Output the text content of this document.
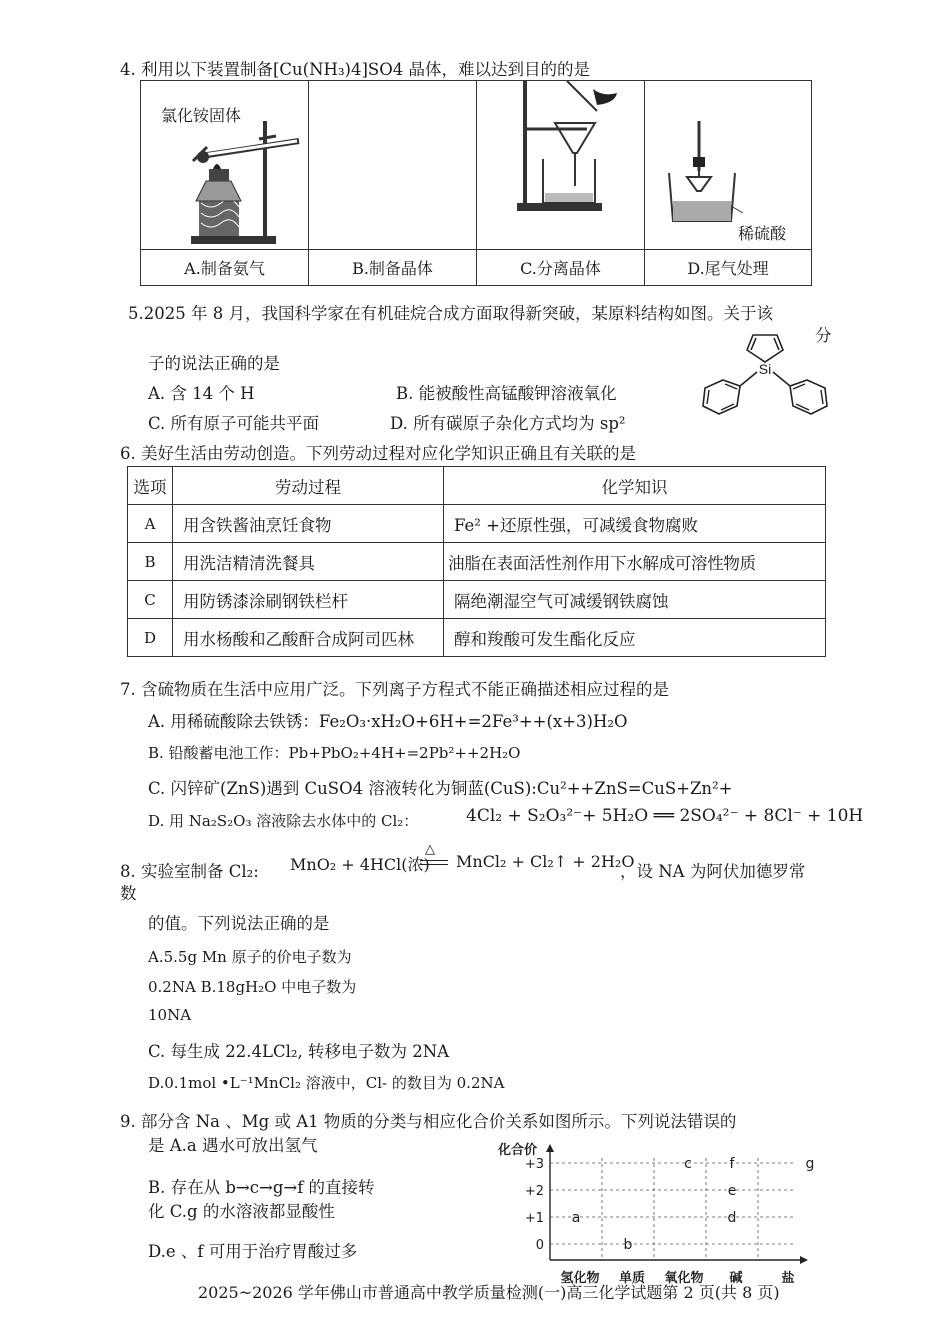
4. 利用以下装置制备[Cu(NH₃)4]SO4 晶体，难以达到目的的是
氯化铵固体
稀硫酸
A.制备氨气	B.制备晶体	C.分离晶体	D.尾气处理
5.2025 年 8 月，我国科学家在有机硅烷合成方面取得新突破，某原料结构如图。关于该
分
子的说法正确的是
A. 含 14 个 H	B. 能被酸性高锰酸钾溶液氧化
C. 所有原子可能共平面	D. 所有碳原子杂化方式均为 sp²
Si
6. 美好生活由劳动创造。下列劳动过程对应化学知识正确且有关联的是
选项	劳动过程	化学知识
A	用含铁酱油烹饪食物	Fe² +还原性强，可减缓食物腐败
B	用洗洁精清洗餐具	油脂在表面活性剂作用下水解成可溶性物质
C	用防锈漆涂刷钢铁栏杆	隔绝潮湿空气可减缓钢铁腐蚀
D	用水杨酸和乙酸酐合成阿司匹林	醇和羧酸可发生酯化反应
7. 含硫物质在生活中应用广泛。下列离子方程式不能正确描述相应过程的是
A. 用稀硫酸除去铁锈：Fe₂O₃·xH₂O+6H+=2Fe³++(x+3)H₂O
B. 铅酸蓄电池工作：Pb+PbO₂+4H+=2Pb²++2H₂O
C. 闪锌矿(ZnS)遇到 CuSO4 溶液转化为铜蓝(CuS):Cu²++ZnS=CuS+Zn²+
D. 用 Na₂S₂O₃ 溶液除去水体中的 Cl₂：	4Cl₂ + S₂O₃²⁻+ 5H₂O ══ 2SO₄²⁻ + 8Cl⁻ + 10H
8. 实验室制备 Cl₂: MnO₂ + 4HCl(浓)
△
MnCl₂ + Cl₂↑ + 2H₂O
，设 NA 为阿伏加德罗常
数
的值。下列说法正确的是
A.5.5g Mn 原子的价电子数为
0.2NA B.18gH₂O 中电子数为
10NA
C. 每生成 22.4LCl₂, 转移电子数为 2NA
D.0.1mol •L⁻¹MnCl₂ 溶液中，Cl- 的数目为 0.2NA
9. 部分含 Na 、Mg 或 A1 物质的分类与相应化合价关系如图所示。下列说法错误的
是 A.a 遇水可放出氢气
B. 存在从 b→c→g→f 的直接转
化 C.g 的水溶液都显酸性
D.e 、f 可用于治疗胃酸过多
化合价
+3
+2
+1
0
氢化物 单质 氧化物 碱	盐
a
b
c
d
e
f	g
2025~2026 学年佛山市普通高中教学质量检测(一)高三化学试题第 2 页(共 8 页)
